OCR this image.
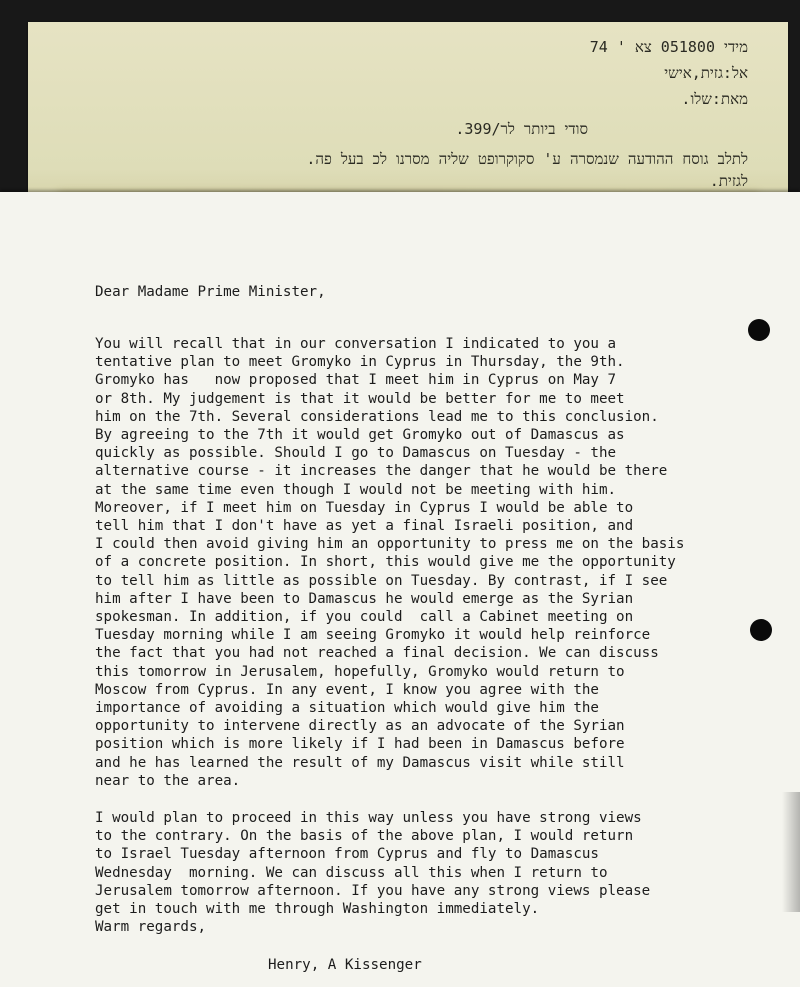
מידי 051800 צא ' 74
אל:גזית,אישי
מאת:שלו.
סודי ביותר לר/399.
לתלב גוסח ההודעה שנמסרה ע' סקוקרופט שליה מסרנו לכ בעל פה.
לגזית.
Dear Madame Prime Minister,
You will recall that in our conversation I indicated to you a
tentative plan to meet Gromyko in Cyprus in Thursday, the 9th.
Gromyko has   now proposed that I meet him in Cyprus on May 7
or 8th. My judgement is that it would be better for me to meet
him on the 7th. Several considerations lead me to this conclusion.
By agreeing to the 7th it would get Gromyko out of Damascus as
quickly as possible. Should I go to Damascus on Tuesday - the
alternative course - it increases the danger that he would be there
at the same time even though I would not be meeting with him.
Moreover, if I meet him on Tuesday in Cyprus I would be able to
tell him that I don't have as yet a final Israeli position, and
I could then avoid giving him an opportunity to press me on the basis
of a concrete position. In short, this would give me the opportunity
to tell him as little as possible on Tuesday. By contrast, if I see
him after I have been to Damascus he would emerge as the Syrian
spokesman. In addition, if you could  call a Cabinet meeting on
Tuesday morning while I am seeing Gromyko it would help reinforce
the fact that you had not reached a final decision. We can discuss
this tomorrow in Jerusalem, hopefully, Gromyko would return to
Moscow from Cyprus. In any event, I know you agree with the
importance of avoiding a situation which would give him the
opportunity to intervene directly as an advocate of the Syrian
position which is more likely if I had been in Damascus before
and he has learned the result of my Damascus visit while still
near to the area.
I would plan to proceed in this way unless you have strong views
to the contrary. On the basis of the above plan, I would return
to Israel Tuesday afternoon from Cyprus and fly to Damascus
Wednesday  morning. We can discuss all this when I return to
Jerusalem tomorrow afternoon. If you have any strong views please
get in touch with me through Washington immediately.
Warm regards,
Henry, A Kissenger
